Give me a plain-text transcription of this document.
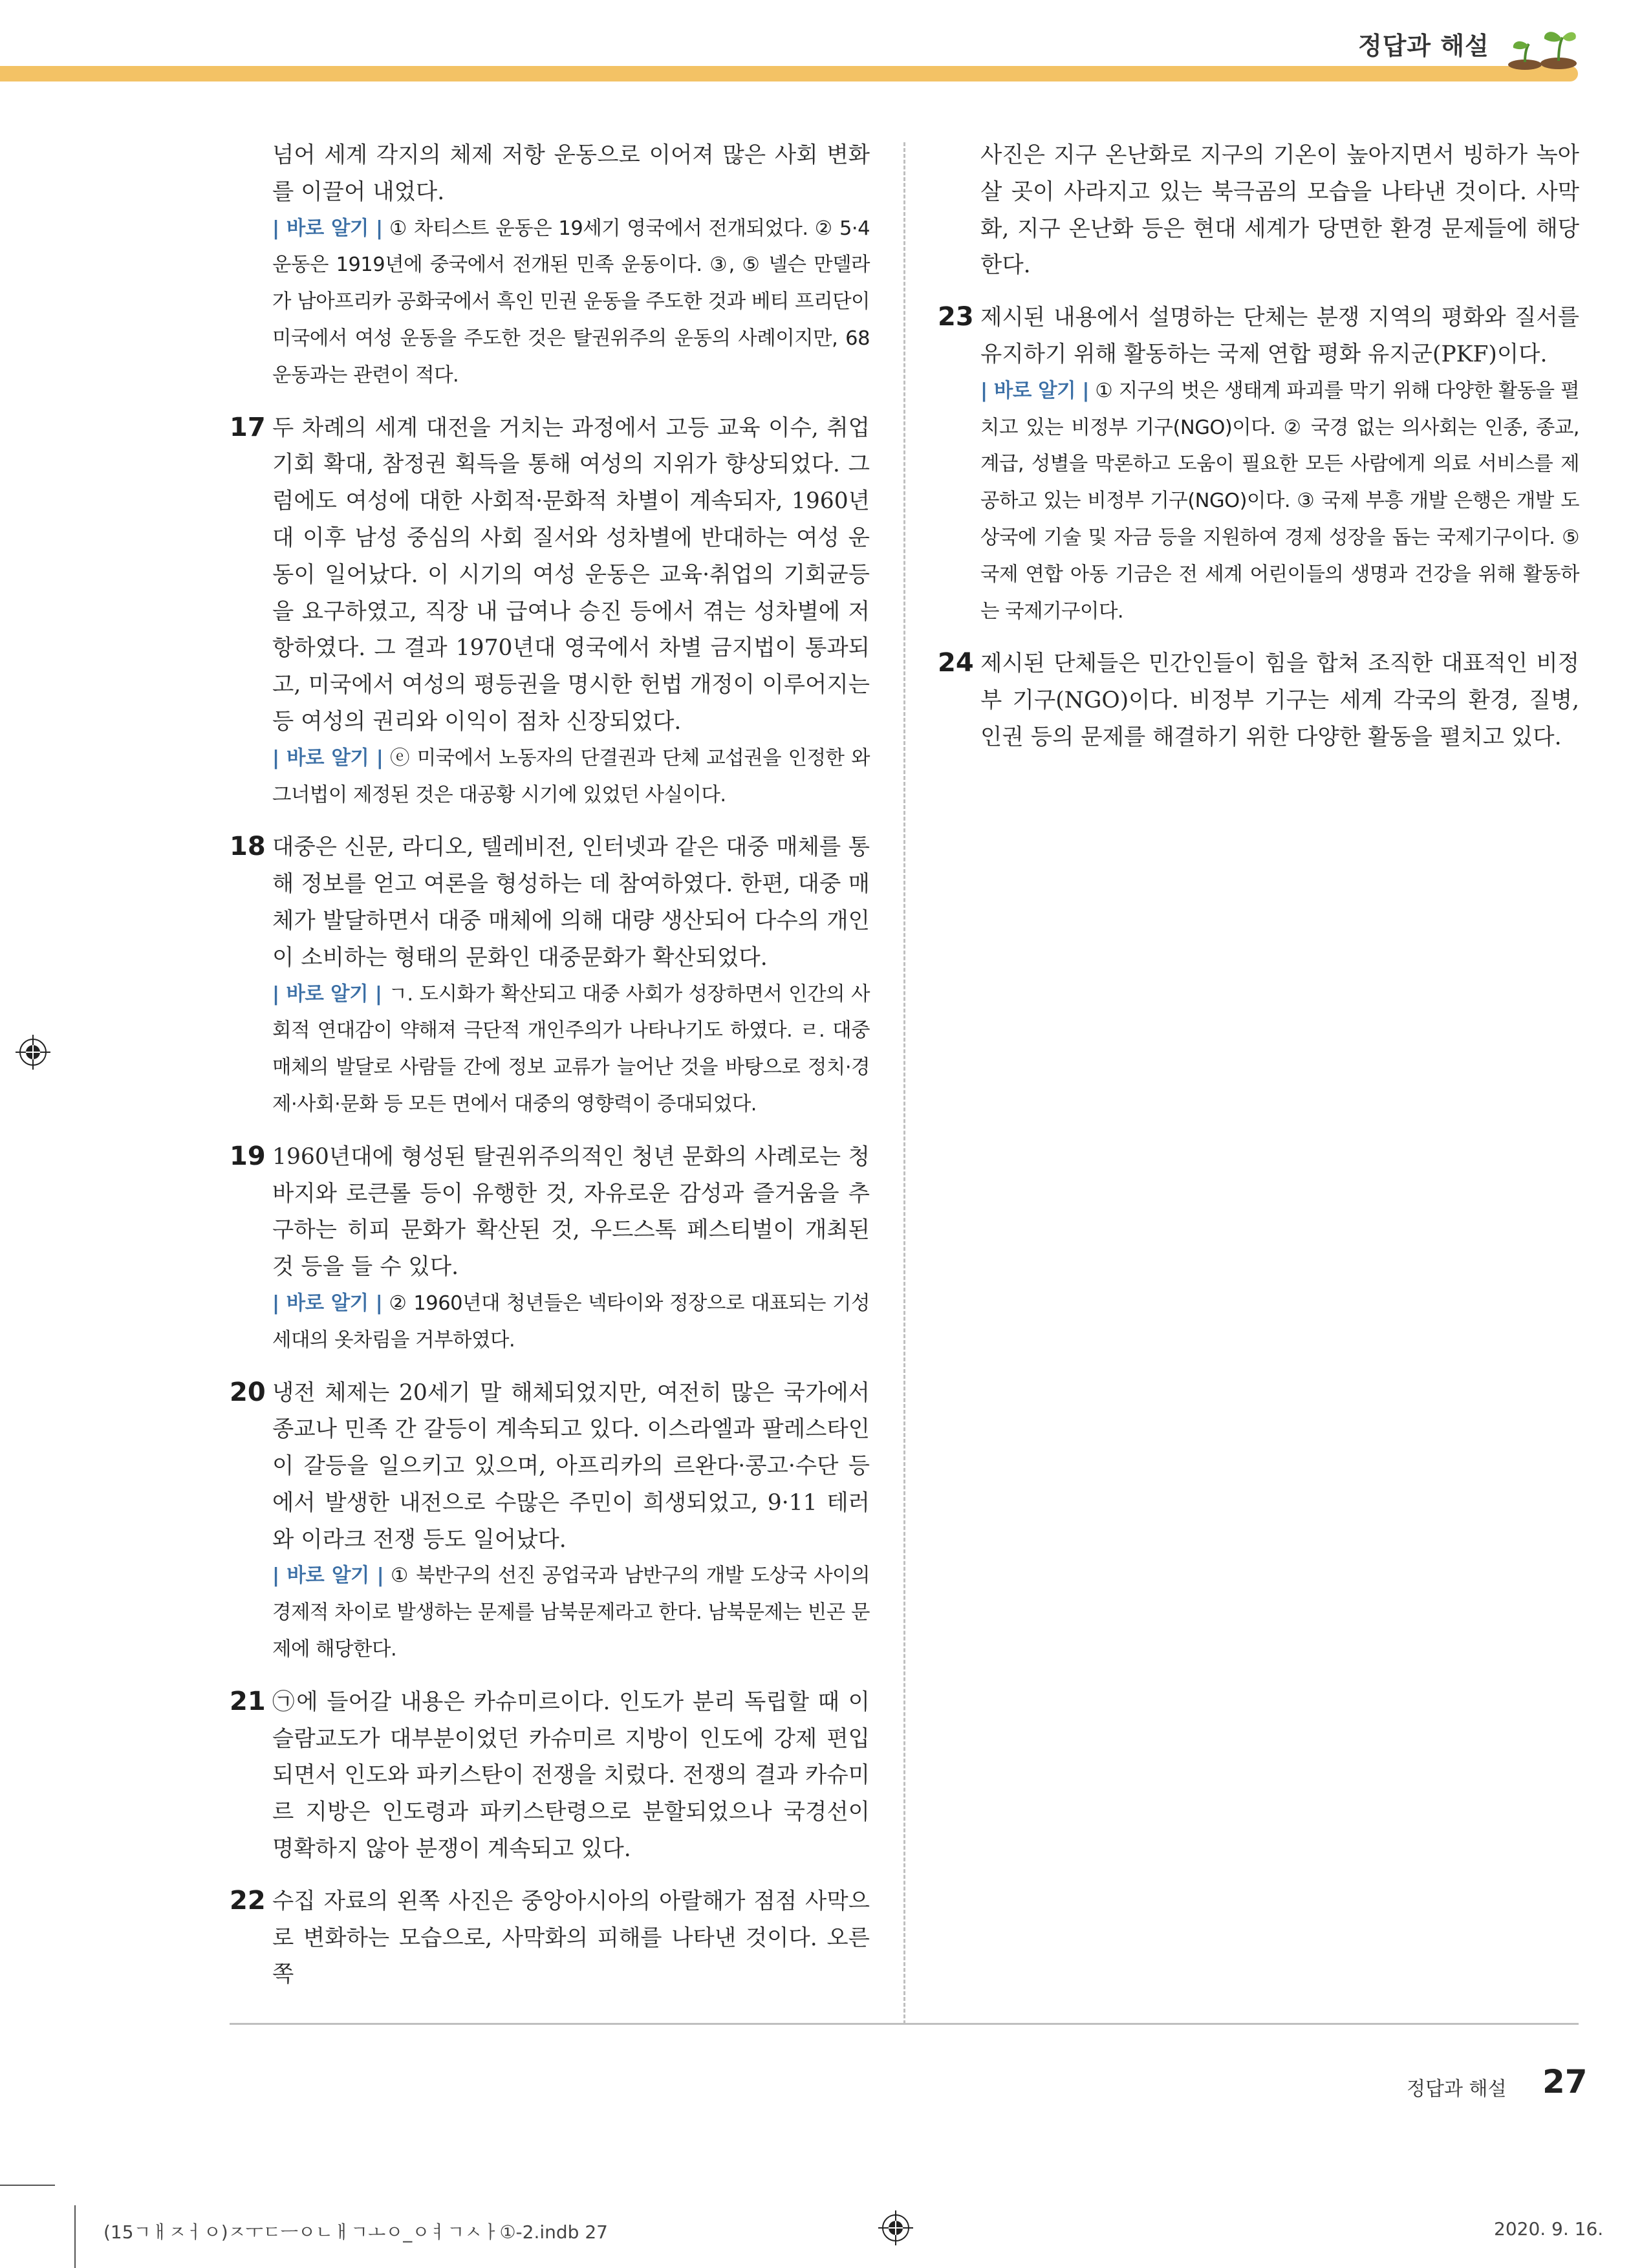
정답과 해설

넘어 세계 각지의 체제 저항 운동으로 이어져 많은 사회 변화를 이끌어 내었다.

| 바로 알기 | ① 차티스트 운동은 19세기 영국에서 전개되었다. ② 5·4 운동은 1919년에 중국에서 전개된 민족 운동이다. ③, ⑤ 넬슨 만델라가 남아프리카 공화국에서 흑인 민권 운동을 주도한 것과 베티 프리단이 미국에서 여성 운동을 주도한 것은 탈권위주의 운동의 사례이지만, 68 운동과는 관련이 적다.

17 두 차례의 세계 대전을 거치는 과정에서 고등 교육 이수, 취업 기회 확대, 참정권 획득을 통해 여성의 지위가 향상되었다. 그럼에도 여성에 대한 사회적·문화적 차별이 계속되자, 1960년대 이후 남성 중심의 사회 질서와 성차별에 반대하는 여성 운동이 일어났다. 이 시기의 여성 운동은 교육·취업의 기회균등을 요구하였고, 직장 내 급여나 승진 등에서 겪는 성차별에 저항하였다. 그 결과 1970년대 영국에서 차별 금지법이 통과되고, 미국에서 여성의 평등권을 명시한 헌법 개정이 이루어지는 등 여성의 권리와 이익이 점차 신장되었다.

| 바로 알기 | ⓔ 미국에서 노동자의 단결권과 단체 교섭권을 인정한 와그너법이 제정된 것은 대공황 시기에 있었던 사실이다.

18 대중은 신문, 라디오, 텔레비전, 인터넷과 같은 대중 매체를 통해 정보를 얻고 여론을 형성하는 데 참여하였다. 한편, 대중 매체가 발달하면서 대중 매체에 의해 대량 생산되어 다수의 개인이 소비하는 형태의 문화인 대중문화가 확산되었다.

| 바로 알기 | ㄱ. 도시화가 확산되고 대중 사회가 성장하면서 인간의 사회적 연대감이 약해져 극단적 개인주의가 나타나기도 하였다. ㄹ. 대중 매체의 발달로 사람들 간에 정보 교류가 늘어난 것을 바탕으로 정치·경제·사회·문화 등 모든 면에서 대중의 영향력이 증대되었다.

19 1960년대에 형성된 탈권위주의적인 청년 문화의 사례로는 청바지와 로큰롤 등이 유행한 것, 자유로운 감성과 즐거움을 추구하는 히피 문화가 확산된 것, 우드스톡 페스티벌이 개최된 것 등을 들 수 있다.

| 바로 알기 | ② 1960년대 청년들은 넥타이와 정장으로 대표되는 기성세대의 옷차림을 거부하였다.

20 냉전 체제는 20세기 말 해체되었지만, 여전히 많은 국가에서 종교나 민족 간 갈등이 계속되고 있다. 이스라엘과 팔레스타인이 갈등을 일으키고 있으며, 아프리카의 르완다·콩고·수단 등에서 발생한 내전으로 수많은 주민이 희생되었고, 9·11 테러와 이라크 전쟁 등도 일어났다.

| 바로 알기 | ① 북반구의 선진 공업국과 남반구의 개발 도상국 사이의 경제적 차이로 발생하는 문제를 남북문제라고 한다. 남북문제는 빈곤 문제에 해당한다.

21 ㉠에 들어갈 내용은 카슈미르이다. 인도가 분리 독립할 때 이슬람교도가 대부분이었던 카슈미르 지방이 인도에 강제 편입되면서 인도와 파키스탄이 전쟁을 치렀다. 전쟁의 결과 카슈미르 지방은 인도령과 파키스탄령으로 분할되었으나 국경선이 명확하지 않아 분쟁이 계속되고 있다.

22 수집 자료의 왼쪽 사진은 중앙아시아의 아랄해가 점점 사막으로 변화하는 모습으로, 사막화의 피해를 나타낸 것이다. 오른쪽

사진은 지구 온난화로 지구의 기온이 높아지면서 빙하가 녹아 살 곳이 사라지고 있는 북극곰의 모습을 나타낸 것이다. 사막화, 지구 온난화 등은 현대 세계가 당면한 환경 문제들에 해당한다.

23 제시된 내용에서 설명하는 단체는 분쟁 지역의 평화와 질서를 유지하기 위해 활동하는 국제 연합 평화 유지군(PKF)이다.

| 바로 알기 | ① 지구의 벗은 생태계 파괴를 막기 위해 다양한 활동을 펼치고 있는 비정부 기구(NGO)이다. ② 국경 없는 의사회는 인종, 종교, 계급, 성별을 막론하고 도움이 필요한 모든 사람에게 의료 서비스를 제공하고 있는 비정부 기구(NGO)이다. ③ 국제 부흥 개발 은행은 개발 도상국에 기술 및 자금 등을 지원하여 경제 성장을 돕는 국제기구이다. ⑤ 국제 연합 아동 기금은 전 세계 어린이들의 생명과 건강을 위해 활동하는 국제기구이다.

24 제시된 단체들은 민간인들이 힘을 합쳐 조직한 대표적인 비정부 기구(NGO)이다. 비정부 기구는 세계 각국의 환경, 질병, 인권 등의 문제를 해결하기 위한 다양한 활동을 펼치고 있다.

정답과 해설 27
(15ㄱㅐㅈㅓㅇ)ㅈㅜㄷㅡㅇㄴㅐㄱㅗㅇ_ㅇㅕㄱㅅㅏ①-2.indb 27	2020. 9. 16.
